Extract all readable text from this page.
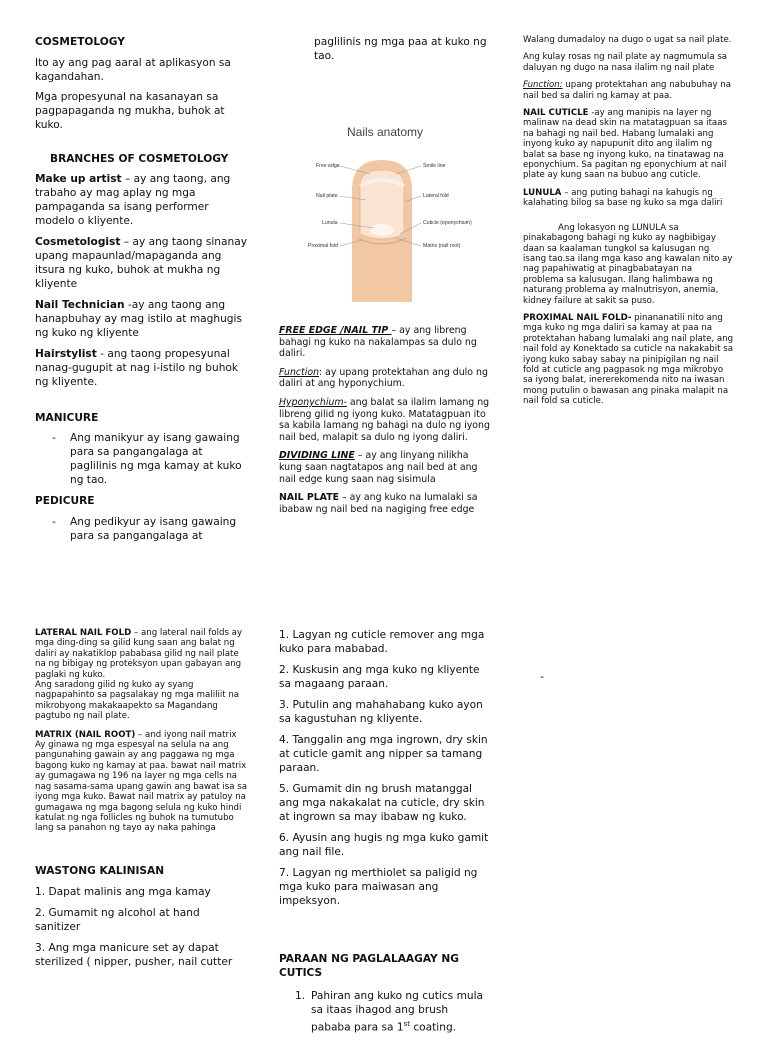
COSMETOLOGY

Ito ay ang pag aaral at aplikasyon sa kagandahan.

Mga propesyunal na kasanayan sa pagpapaganda ng mukha, buhok at kuko.

BRANCHES OF COSMETOLOGY

Make up artist – ay ang taong, ang trabaho ay mag aplay ng mga pampaganda sa isang performer modelo o kliyente.

Cosmetologist – ay ang taong sinanay upang mapaunlad/mapaganda ang itsura ng kuko, buhok at mukha ng kliyente

Nail Technician -ay ang taong ang hanapbuhay ay mag istilo at maghugis ng kuko ng kliyente

Hairstylist - ang taong propesyunal nanag-gugupit at nag i-istilo ng buhok ng kliyente.

MANICURE

- Ang manikyur ay isang gawaing para sa pangangalaga at paglilinis ng mga kamay at kuko ng tao.

PEDICURE

- Ang pedikyur ay isang gawaing para sa pangangalaga at

paglilinis ng mga paa at kuko ng tao.

Nails anatomy
Free edge
Nail plate
Lunula
Proximal fold
Smile line
Lateral fold
Cuticle (eponychium)
Matrix (nail root)

FREE EDGE /NAIL TIP – ay ang libreng bahagi ng kuko na nakalampas sa dulo ng daliri.

Function: ay upang protektahan ang dulo ng daliri at ang hyponychium.

Hyponychium- ang balat sa ilalim lamang ng libreng gilid ng iyong kuko. Matatagpuan ito sa kabila lamang ng bahagi na dulo ng iyong nail bed, malapit sa dulo ng iyong daliri.

DIVIDING LINE – ay ang linyang nilikha kung saan nagtatapos ang nail bed at ang nail edge kung saan nag sisimula

NAIL PLATE – ay ang kuko na lumalaki sa ibabaw ng nail bed na nagiging free edge

Walang dumadaloy na dugo o ugat sa nail plate.

Ang kulay rosas ng nail plate ay nagmumula sa daluyan ng dugo na nasa ilalim ng nail plate

Function: upang protektahan ang nabubuhay na nail bed sa daliri ng kamay at paa.

NAIL CUTICLE -ay ang manipis na layer ng malinaw na dead skin na matatagpuan sa itaas na bahagi ng nail bed. Habang lumalaki ang inyong kuko ay napupunit dito ang ilalim ng balat sa base ng inyong kuko, na tinatawag na eponychium. Sa pagitan ng eponychium at nail plate ay kung saan na bubuo ang cuticle.

LUNULA – ang puting bahagi na kahugis ng kalahating bilog sa base ng kuko sa mga daliri

Ang lokasyon ng LUNULA sa pinakabagong bahagi ng kuko ay nagbibigay daan sa kaalaman tungkol sa kalusugan ng isang tao.sa ilang mga kaso ang kawalan nito ay nag papahiwatig at pinagbabatayan na problema sa kalusugan. Ilang halimbawa ng naturang problema ay malnutrisyon, anemia, kidney failure at sakit sa puso.

PROXIMAL NAIL FOLD- pinananatili nito ang mga kuko ng mga daliri sa kamay at paa na protektahan habang lumalaki ang nail plate, ang nail fold ay Konektado sa cuticle na nakakabit sa iyong kuko sabay sabay na pinipigilan ng nail fold at cuticle ang pagpasok ng mga mikrobyo sa iyong balat, inererekomenda nito na iwasan mong putulin o bawasan ang pinaka malapit na nail fold sa cuticle.

LATERAL NAIL FOLD – ang lateral nail folds ay mga ding-ding sa gilid kung saan ang balat ng daliri ay nakatiklop pababasa gilid ng nail plate na ng bibigay ng proteksyon upan gabayan ang paglaki ng kuko.

Ang saradong gilid ng kuko ay syang nagpapahinto sa pagsalakay ng mga maliliit na mikrobyong makakaapekto sa Magandang pagtubo ng nail plate.

MATRIX (NAIL ROOT) – and iyong nail matrix Ay ginawa ng mga espesyal na selula na ang pangunahing gawain ay ang paggawa ng mga bagong kuko ng kamay at paa. bawat nail matrix ay gumagawa ng 196 na layer ng mga cells na nag sasama-sama upang gawin ang bawat isa sa iyong mga kuko. Bawat nail matrix ay patuloy na gumagawa ng mga bagong selula ng kuko hindi katulat ng nga follicles ng buhok na tumutubo lang sa panahon ng tayo ay naka pahinga

WASTONG KALINISAN

1. Dapat malinis ang mga kamay

2. Gumamit ng alcohol at hand sanitizer

3. Ang mga manicure set ay dapat sterilized ( nipper, pusher, nail cutter

1. Lagyan ng cuticle remover ang mga kuko para mababad.

2. Kuskusin ang mga kuko ng kliyente sa magaang paraan.

3. Putulin ang mahahabang kuko ayon sa kagustuhan ng kliyente.

4. Tanggalin ang mga ingrown, dry skin at cuticle gamit ang nipper sa tamang paraan.

5. Gumamit din ng brush matanggal ang mga nakakalat na cuticle, dry skin at ingrown sa may ibabaw ng kuko.

6. Ayusin ang hugis ng mga kuko gamit ang nail file.

7. Lagyan ng merthiolet sa paligid ng mga kuko para maiwasan ang impeksyon.

PARAAN NG PAGLALAAGAY NG CUTICS

1. Pahiran ang kuko ng cutics mula sa itaas ihagod ang brush pababa para sa 1st coating.

-
